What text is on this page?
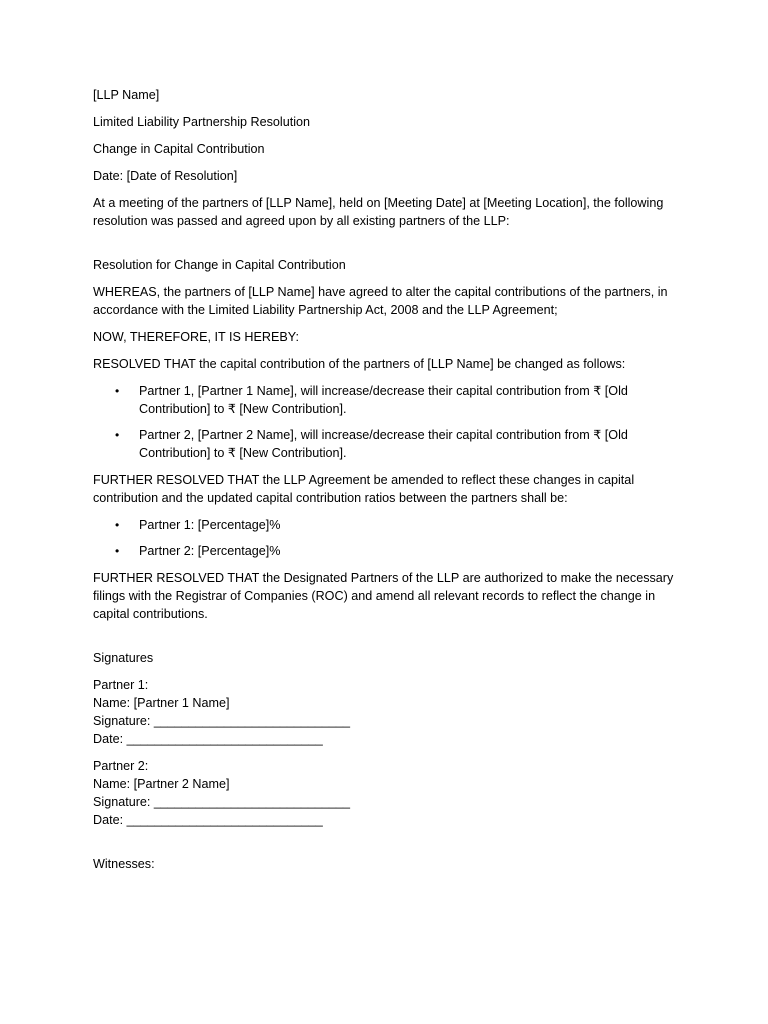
[LLP Name]

Limited Liability Partnership Resolution

Change in Capital Contribution

Date: [Date of Resolution]

At a meeting of the partners of [LLP Name], held on [Meeting Date] at [Meeting Location], the following resolution was passed and agreed upon by all existing partners of the LLP:

Resolution for Change in Capital Contribution

WHEREAS, the partners of [LLP Name] have agreed to alter the capital contributions of the partners, in accordance with the Limited Liability Partnership Act, 2008 and the LLP Agreement;

NOW, THEREFORE, IT IS HEREBY:

RESOLVED THAT the capital contribution of the partners of [LLP Name] be changed as follows:

• Partner 1, [Partner 1 Name], will increase/decrease their capital contribution from ₹ [Old Contribution] to ₹ [New Contribution].
• Partner 2, [Partner 2 Name], will increase/decrease their capital contribution from ₹ [Old Contribution] to ₹ [New Contribution].

FURTHER RESOLVED THAT the LLP Agreement be amended to reflect these changes in capital contribution and the updated capital contribution ratios between the partners shall be:

• Partner 1: [Percentage]%
• Partner 2: [Percentage]%

FURTHER RESOLVED THAT the Designated Partners of the LLP are authorized to make the necessary filings with the Registrar of Companies (ROC) and amend all relevant records to reflect the change in capital contributions.

Signatures

Partner 1:
Name: [Partner 1 Name]
Signature: ____________________________
Date: ____________________________
Partner 2:
Name: [Partner 2 Name]
Signature: ____________________________
Date: ____________________________

Witnesses:
